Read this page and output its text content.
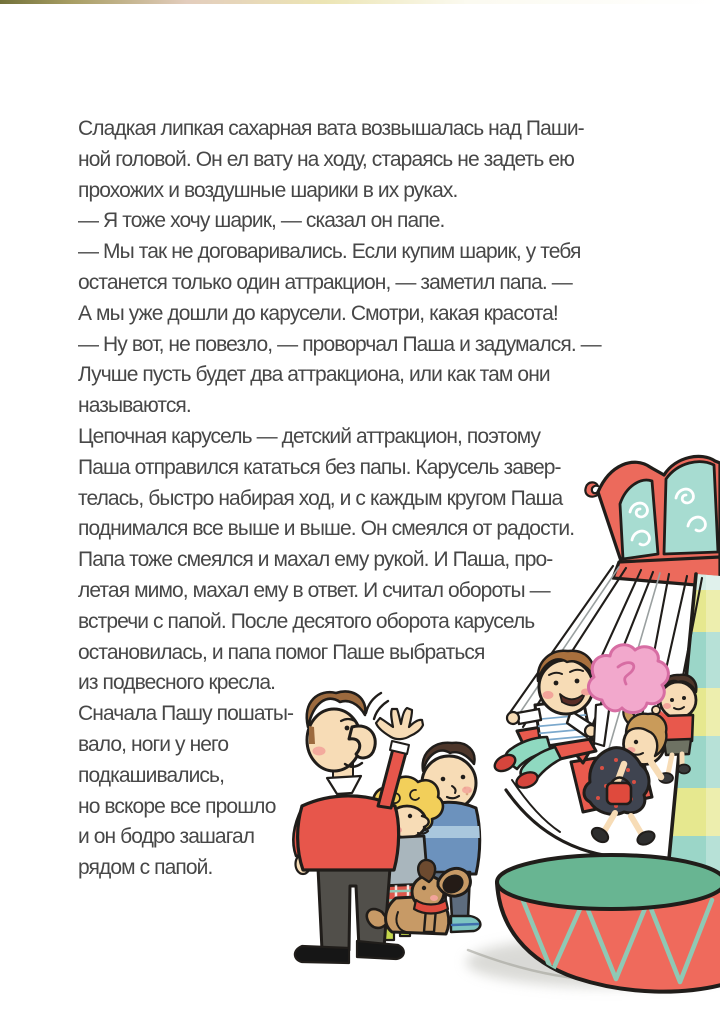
Сладкая липкая сахарная вата возвышалась над Паши-
ной головой. Он ел вату на ходу, стараясь не задеть ею
прохожих и воздушные шарики в их руках.
— Я тоже хочу шарик, — сказал он папе.
— Мы так не договаривались. Если купим шарик, у тебя
останется только один аттракцион, — заметил папа. —
А мы уже дошли до карусели. Смотри, какая красота!
— Ну вот, не повезло, — проворчал Паша и задумался. —
Лучше пусть будет два аттракциона, или как там они
называются.
Цепочная карусель — детский аттракцион, поэтому
Паша отправился кататься без папы. Карусель завер-
телась, быстро набирая ход, и с каждым кругом Паша
поднимался все выше и выше. Он смеялся от радости.
Папа тоже смеялся и махал ему рукой. И Паша, про-
летая мимо, махал ему в ответ. И считал обороты —
встречи с папой. После десятого оборота карусель
остановилась, и папа помог Паше выбраться
из подвесного кресла.
Сначала Пашу пошаты-
вало, ноги у него
подкашивались,
но вскоре все прошло
и он бодро зашагал
рядом с папой.
